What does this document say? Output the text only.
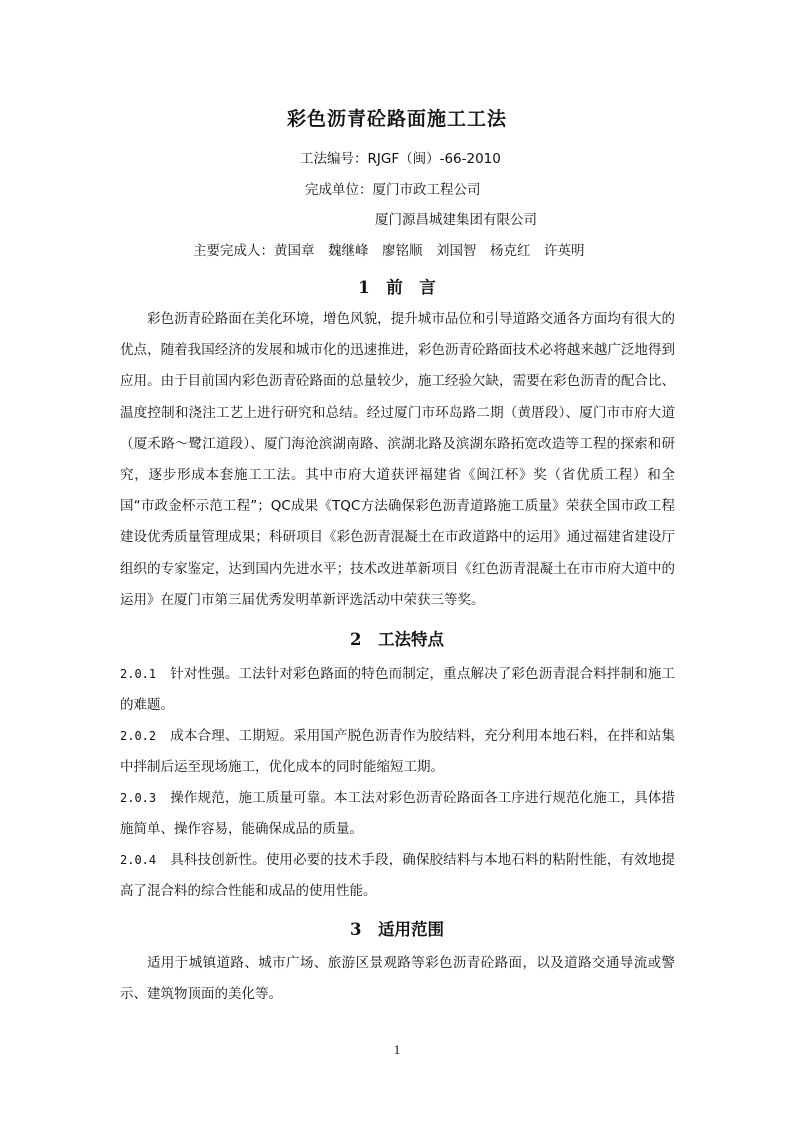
彩色沥青砼路面施工工法
工法编号：RJGF（闽）-66-2010
完成单位：厦门市政工程公司
厦门源昌城建集团有限公司
主要完成人：黄国章　魏继峰　廖铭顺　刘国智　杨克红　许英明
1　前　言
彩色沥青砼路面在美化环境，增色风貌，提升城市品位和引导道路交通各方面均有很大的优点，随着我国经济的发展和城市化的迅速推进，彩色沥青砼路面技术必将越来越广泛地得到应用。由于目前国内彩色沥青砼路面的总量较少，施工经验欠缺，需要在彩色沥青的配合比、温度控制和浇注工艺上进行研究和总结。经过厦门市环岛路二期（黄厝段）、厦门市市府大道（厦禾路～鹭江道段）、厦门海沧滨湖南路、滨湖北路及滨湖东路拓宽改造等工程的探索和研究，逐步形成本套施工工法。其中市府大道获评福建省《闽江杯》奖（省优质工程）和全国“市政金杯示范工程”；QC成果《TQC方法确保彩色沥青道路施工质量》荣获全国市政工程建设优秀质量管理成果；科研项目《彩色沥青混凝土在市政道路中的运用》通过福建省建设厅组织的专家鉴定，达到国内先进水平；技术改进革新项目《红色沥青混凝土在市市府大道中的运用》在厦门市第三届优秀发明革新评选活动中荣获三等奖。
2　工法特点
2.0.1 针对性强。工法针对彩色路面的特色而制定，重点解决了彩色沥青混合料拌制和施工的难题。
2.0.2 成本合理、工期短。采用国产脱色沥青作为胶结料，充分利用本地石料，在拌和站集中拌制后运至现场施工，优化成本的同时能缩短工期。
2.0.3 操作规范，施工质量可靠。本工法对彩色沥青砼路面各工序进行规范化施工，具体措施简单、操作容易，能确保成品的质量。
2.0.4 具科技创新性。使用必要的技术手段，确保胶结料与本地石料的粘附性能，有效地提高了混合料的综合性能和成品的使用性能。
3　适用范围
适用于城镇道路、城市广场、旅游区景观路等彩色沥青砼路面，以及道路交通导流或警示、建筑物顶面的美化等。
1
